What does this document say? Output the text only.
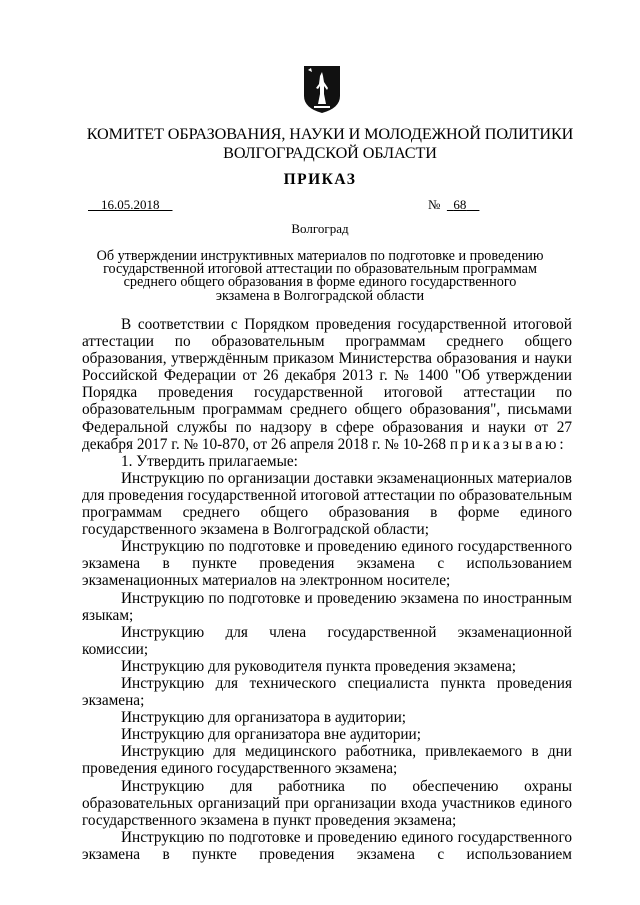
КОМИТЕТ ОБРАЗОВАНИЯ, НАУКИ И МОЛОДЕЖНОЙ ПОЛИТИКИ
ВОЛГОГРАДСКОЙ ОБЛАСТИ
ПРИКАЗ
16.05.2018	№ 68
Волгоград
Об утверждении инструктивных материалов по подготовке и проведению
государственной итоговой аттестации по образовательным программам
среднего общего образования в форме единого государственного
экзамена в Волгоградской области

В соответствии с Порядком проведения государственной итоговой аттестации по образовательным программам среднего общего образования, утверждённым приказом Министерства образования и науки Российской Федерации от 26 декабря 2013 г. № 1400 "Об утверждении Порядка проведения государственной итоговой аттестации по образовательным программам среднего общего образования", письмами Федеральной службы по надзору в сфере образования и науки от 27 декабря 2017 г. № 10-870, от 26 апреля 2018 г. № 10-268 приказываю:

1. Утвердить прилагаемые:

Инструкцию по организации доставки экзаменационных материалов для проведения государственной итоговой аттестации по образовательным программам среднего общего образования в форме единого государственного экзамена в Волгоградской области;

Инструкцию по подготовке и проведению единого государственного экзамена в пункте проведения экзамена с использованием экзаменационных материалов на электронном носителе;

Инструкцию по подготовке и проведению экзамена по иностранным языкам;

Инструкцию для члена государственной экзаменационной комиссии;

Инструкцию для руководителя пункта проведения экзамена;

Инструкцию для технического специалиста пункта проведения экзамена;

Инструкцию для организатора в аудитории;

Инструкцию для организатора вне аудитории;

Инструкцию для медицинского работника, привлекаемого в дни проведения единого государственного экзамена;

Инструкцию для работника по обеспечению охраны образовательных организаций при организации входа участников единого государственного экзамена в пункт проведения экзамена;

Инструкцию по подготовке и проведению единого государственного экзамена в пункте проведения экзамена с использованием
